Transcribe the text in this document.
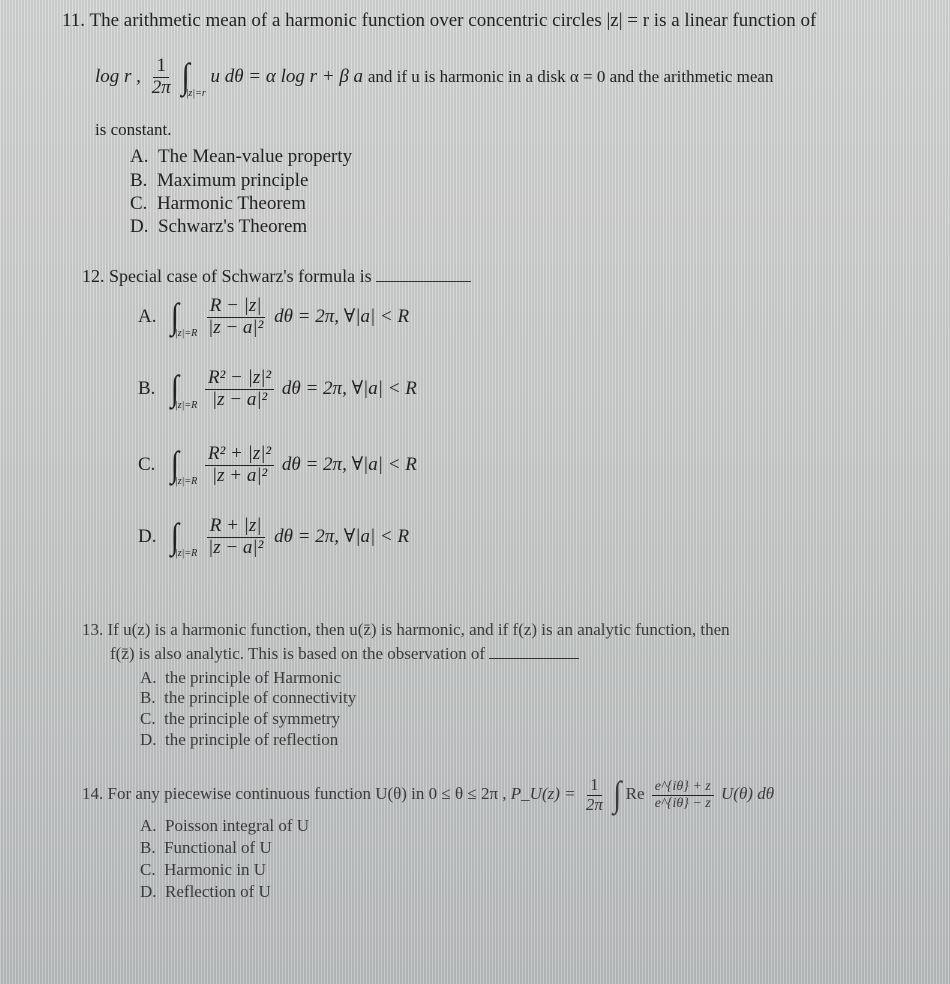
11. The arithmetic mean of a harmonic function over concentric circles |z| = r is a linear function of
log r , $\frac{1}{2\pi} \int_{|z|=r}$ u dθ = α log r + β a and if u is harmonic in a disk α = 0 and the arithmetic mean
is constant.
A. The Mean-value property
B. Maximum principle
C. Harmonic Theorem
D. Schwarz's Theorem
12. Special case of Schwarz's formula is
A. $\int_{|z|=R} \frac{R - |z|}{\text{|z − a|²}}$ dθ = 2π, ∀|a| < R
B. $\int_{|z|=R} \frac{\text{R² − |z|²}}{\text{|z − a|²}}$ dθ = 2π, ∀|a| < R
C. $\int_{|z|=R} \frac{\text{R² + |z|²}}{\text{|z + a|²}}$ dθ = 2π, ∀|a| < R
D. $\int_{|z|=R} \frac{R + |z|}{\text{|z − a|²}}$ dθ = 2π, ∀|a| < R
13. If u(z) is a harmonic function, then u(z̄) is harmonic, and if f(z) is an analytic function, then
f(z̄) is also analytic. This is based on the observation of
A. the principle of Harmonic
B. the principle of connectivity
C. the principle of symmetry
D. the principle of reflection
14. For any piecewise continuous function U(θ) in 0 ≤ θ ≤ 2π , P_U(z) = $\frac{1}{2\pi}$ ∫ Re $\frac{e\^{}\{i\theta\} + z}{e\^{}\{i\theta\} - z} U(\theta)$ dθ
A. Poisson integral of U
B. Functional of U
C. Harmonic in U
D. Reflection of U
